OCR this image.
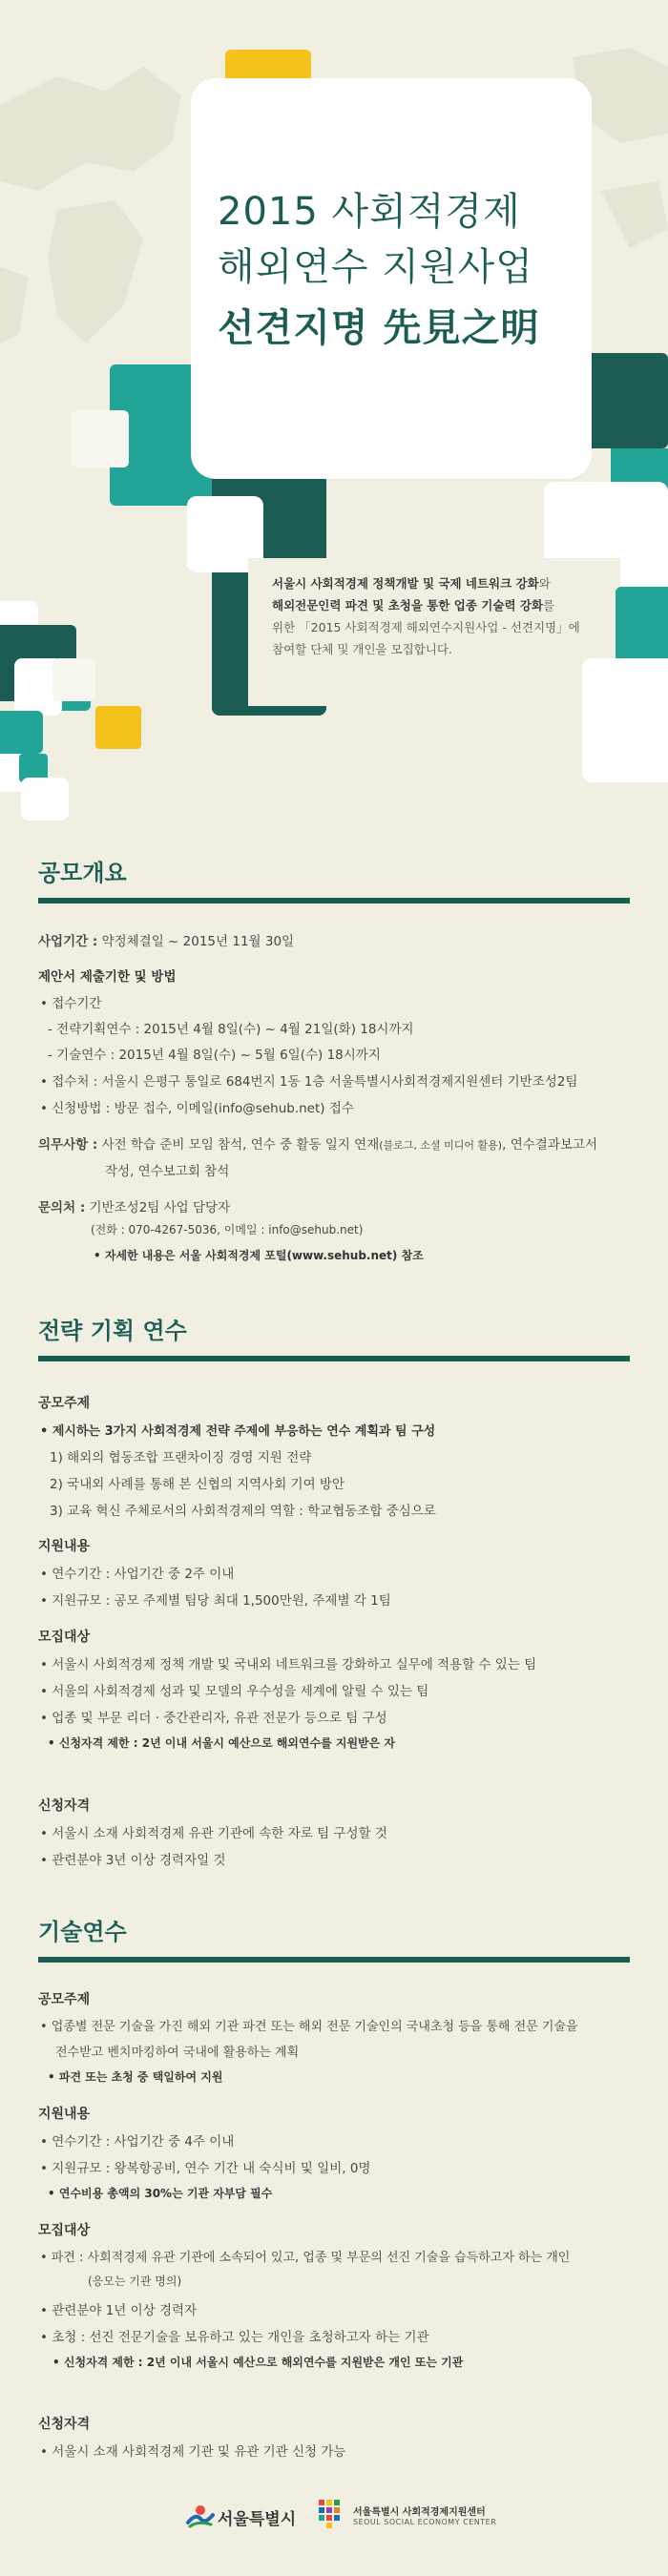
2015 사회적경제
해외연수 지원사업
선견지명 先見之明
서울시 사회적경제 정책개발 및 국제 네트워크 강화와
해외전문인력 파견 및 초청을 통한 업종 기술력 강화를
위한 「2015 사회적경제 해외연수지원사업 - 선견지명」에
참여할 단체 및 개인을 모집합니다.
공모개요
사업기간 : 약정체결일 ~ 2015년 11월 30일
제안서 제출기한 및 방법
• 접수기간
- 전략기획연수 : 2015년 4월 8일(수) ~ 4월 21일(화) 18시까지
- 기술연수 : 2015년 4월 8일(수) ~ 5월 6일(수) 18시까지
• 접수처 : 서울시 은평구 통일로 684번지 1동 1층 서울특별시사회적경제지원센터 기반조성2팀
• 신청방법 : 방문 접수, 이메일(info@sehub.net) 접수
의무사항 : 사전 학습 준비 모임 참석, 연수 중 활동 일지 연재(블로그, 소셜 미디어 활용), 연수결과보고서
작성, 연수보고회 참석
문의처 : 기반조성2팀 사업 담당자
(전화 : 070-4267-5036, 이메일 : info@sehub.net)
• 자세한 내용은 서울 사회적경제 포털(www.sehub.net) 참조
전략 기획 연수
공모주제
• 제시하는 3가지 사회적경제 전략 주제에 부응하는 연수 계획과 팀 구성
1) 해외의 협동조합 프랜차이징 경영 지원 전략
2) 국내외 사례를 통해 본 신협의 지역사회 기여 방안
3) 교육 혁신 주체로서의 사회적경제의 역할 : 학교협동조합 중심으로
지원내용
• 연수기간 : 사업기간 중 2주 이내
• 지원규모 : 공모 주제별 팀당 최대 1,500만원, 주제별 각 1팀
모집대상
• 서울시 사회적경제 정책 개발 및 국내외 네트워크를 강화하고 실무에 적용할 수 있는 팀
• 서울의 사회적경제 성과 및 모델의 우수성을 세계에 알릴 수 있는 팀
• 업종 및 부문 리더 · 중간관리자, 유관 전문가 등으로 팀 구성
• 신청자격 제한 : 2년 이내 서울시 예산으로 해외연수를 지원받은 자
신청자격
• 서울시 소재 사회적경제 유관 기관에 속한 자로 팀 구성할 것
• 관련분야 3년 이상 경력자일 것
기술연수
공모주제
• 업종별 전문 기술을 가진 해외 기관 파견 또는 해외 전문 기술인의 국내초청 등을 통해 전문 기술을
전수받고 벤치마킹하여 국내에 활용하는 계획
• 파견 또는 초청 중 택일하여 지원
지원내용
• 연수기간 : 사업기간 중 4주 이내
• 지원규모 : 왕복항공비, 연수 기간 내 숙식비 및 일비, 0명
• 연수비용 총액의 30%는 기관 자부담 필수
모집대상
• 파견 : 사회적경제 유관 기관에 소속되어 있고, 업종 및 부문의 선진 기술을 습득하고자 하는 개인
(응모는 기관 명의)
• 관련분야 1년 이상 경력자
• 초청 : 선진 전문기술을 보유하고 있는 개인을 초청하고자 하는 기관
• 신청자격 제한 : 2년 이내 서울시 예산으로 해외연수를 지원받은 개인 또는 기관
신청자격
• 서울시 소재 사회적경제 기관 및 유관 기관 신청 가능
서울특별시	서울특별시 사회적경제지원센터
SEOUL SOCIAL ECONOMY CENTER
